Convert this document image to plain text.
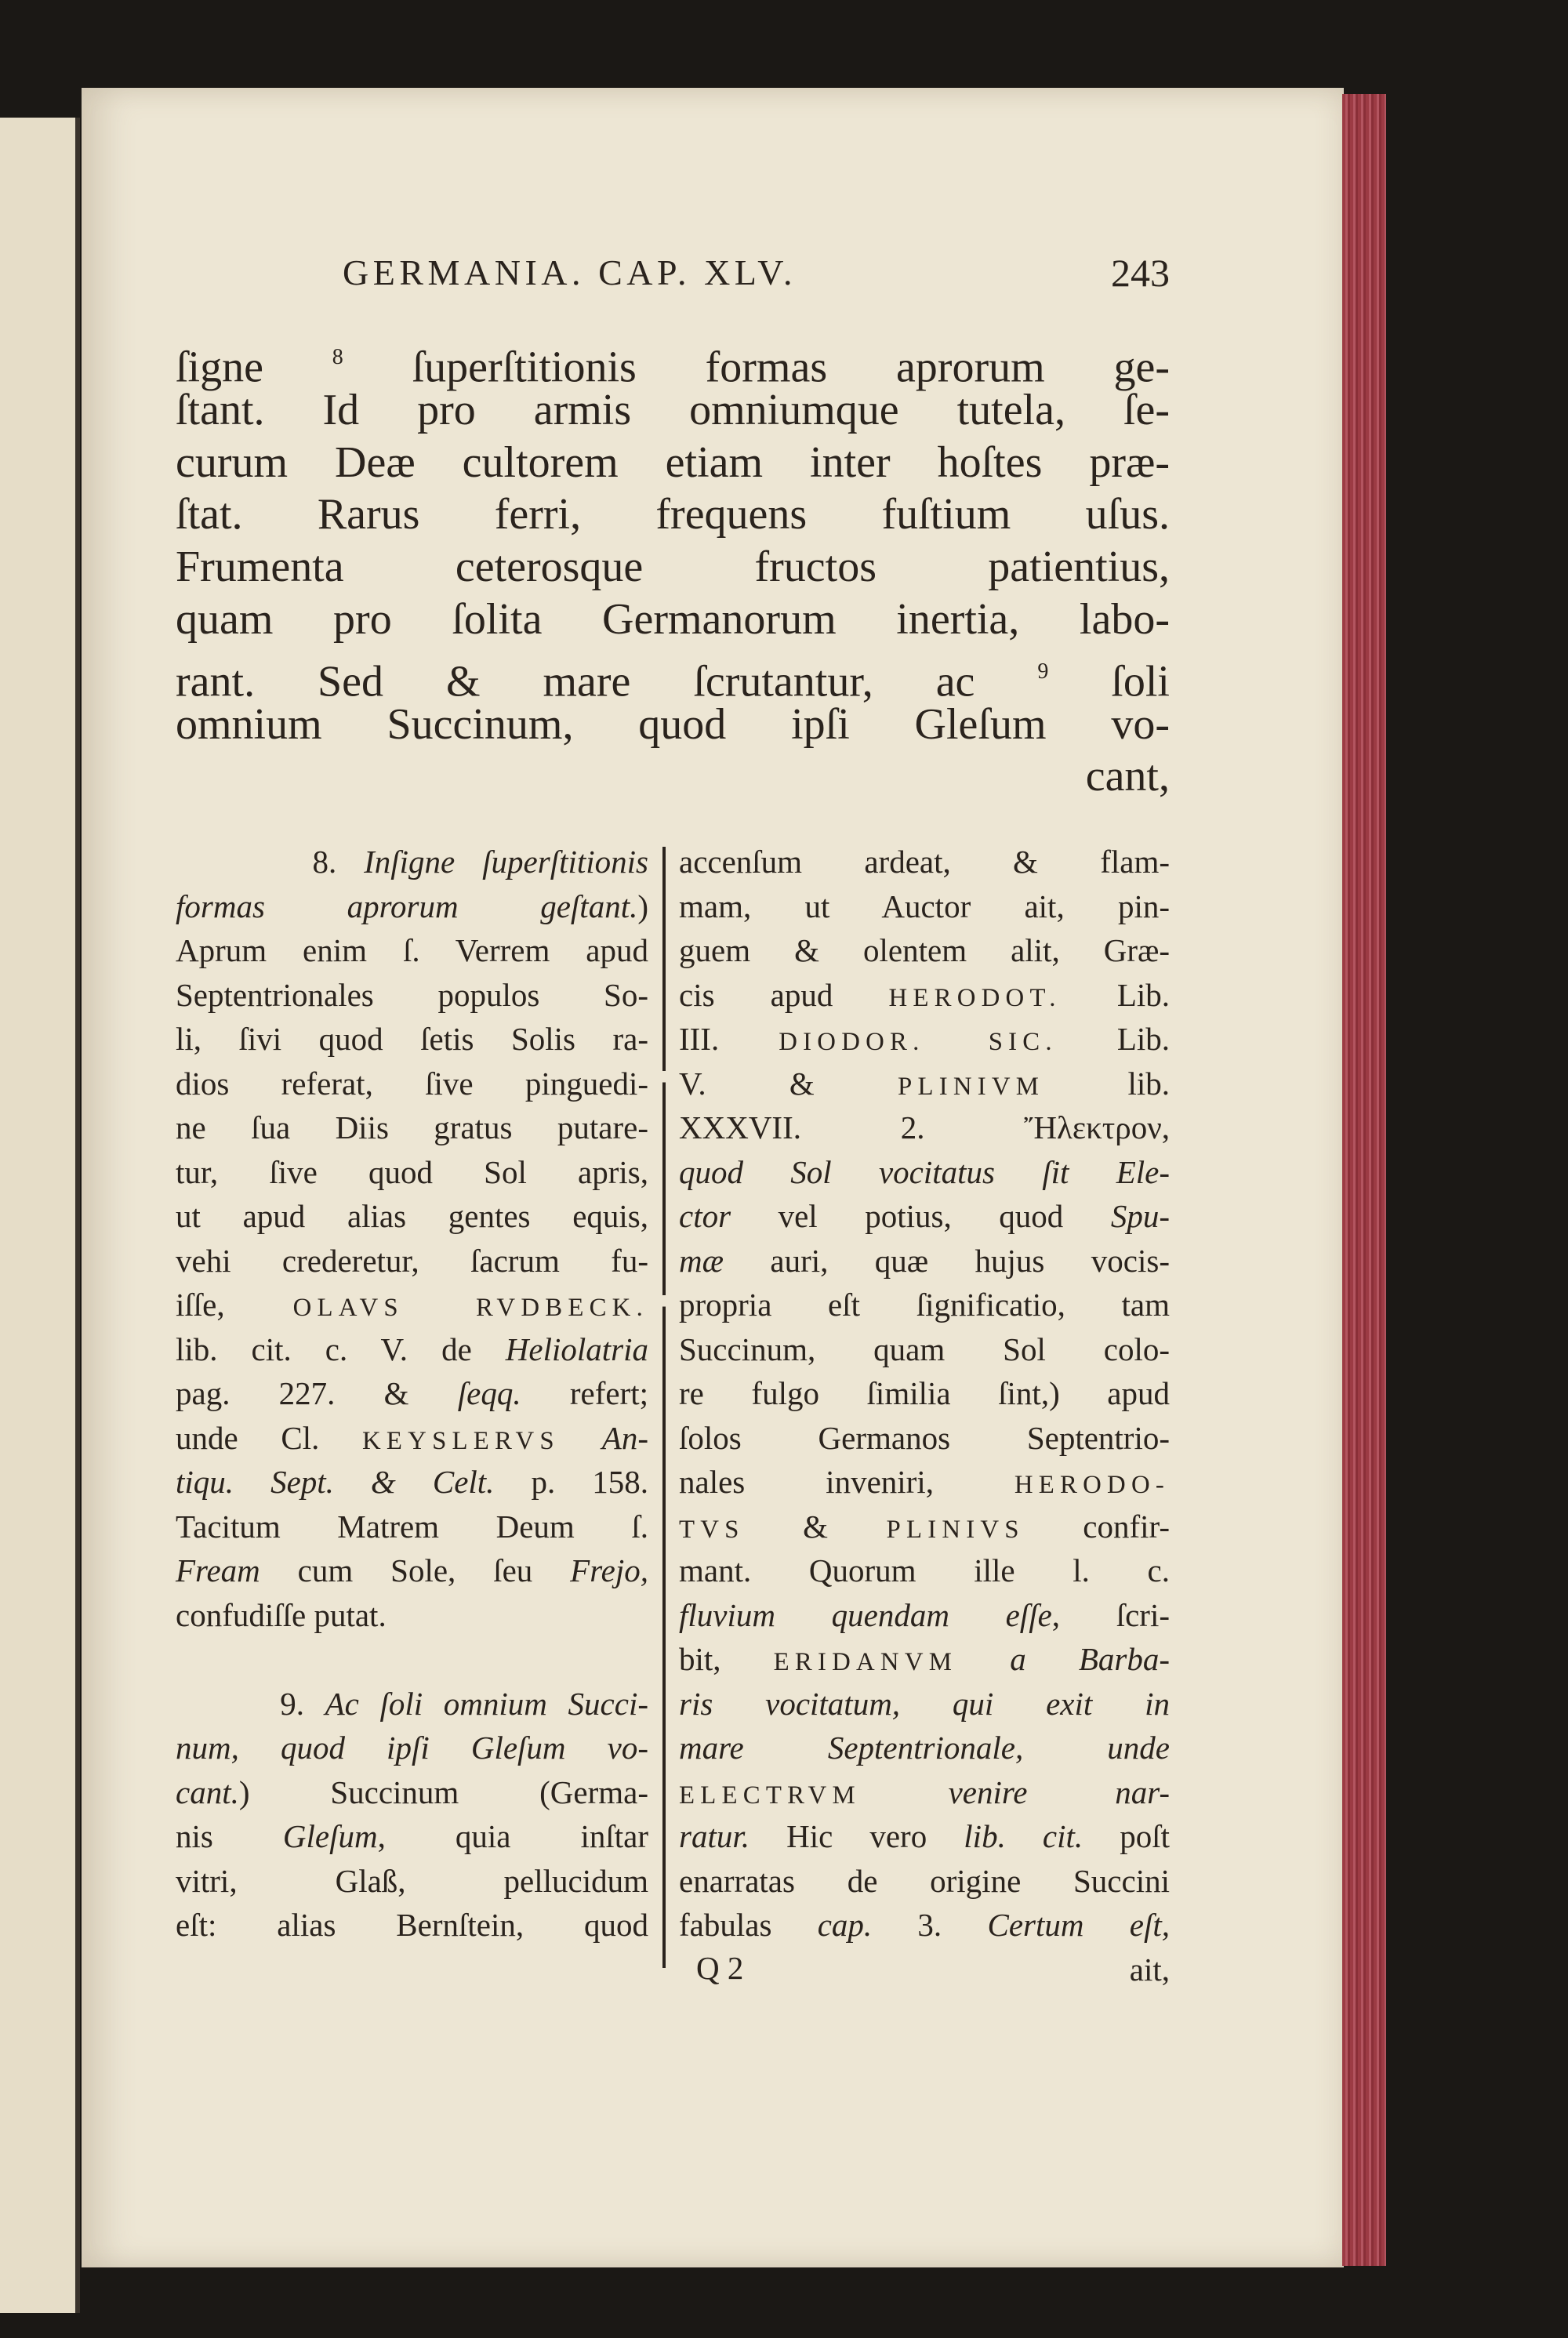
GERMANIA. CAP. XLV.	243
ſigne $^8$ ſuperſtitionis formas aprorum ge-
ſtant. Id pro armis omniumque tutela, ſe-
curum Deæ cultorem etiam inter hoſtes præ-
ſtat. Rarus ferri, frequens fuſtium uſus.
Frumenta ceterosque fructos patientius,
quam pro ſolita Germanorum inertia, labo-
rant. Sed & mare ſcrutantur, ac $^9$ ſoli
omnium Succinum, quod ipſi Gleſum vo-
cant,
8. Inſigne ſuperſtitionis
formas aprorum geſtant.)
Aprum enim ſ. Verrem apud
Septentrionales populos So-
li, ſivi quod ſetis Solis ra-
dios referat, ſive pinguedi-
ne ſua Diis gratus putare-
tur, ſive quod Sol apris,
ut apud alias gentes equis,
vehi crederetur, ſacrum fu-
iſſe, OLAVS RVDBECK.
lib. cit. c. V. de Heliolatria
pag. 227. & ſeqq. refert;
unde Cl. KEYSLERVS An-
tiqu. Sept. & Celt. p. 158.
Tacitum Matrem Deum ſ.
Fream cum Sole, ſeu Frejo,
confudiſſe putat.
9. Ac ſoli omnium Succi-
num, quod ipſi Gleſum vo-
cant.) Succinum (Germa-
nis Gleſum, quia inſtar
vitri, Glaß, pellucidum
eſt: alias Bernſtein, quod
accenſum ardeat, & flam-
mam, ut Auctor ait, pin-
guem & olentem alit, Græ-
cis apud HERODOT. Lib.
III. DIODOR. SIC. Lib.
V. & PLINIVM lib.
XXXVII. 2. Ἤλεκτρον,
quod Sol vocitatus ſit Ele-
ctor vel potius, quod Spu-
mæ auri, quæ hujus vocis-
propria eſt ſignificatio, tam
Succinum, quam Sol colo-
re fulgo ſimilia ſint,) apud
ſolos Germanos Septentrio-
nales inveniri, HERODO-
TVS & PLINIVS confir-
mant. Quorum ille l. c.
fluvium quendam eſſe, ſcri-
bit, ERIDANVM a Barba-
ris vocitatum, qui exit in
mare Septentrionale, unde
ELECTRVM venire nar-
ratur. Hic vero lib. cit. poſt
enarratas de origine Succini
fabulas cap. 3. Certum eſt,
ait,
Q 2
